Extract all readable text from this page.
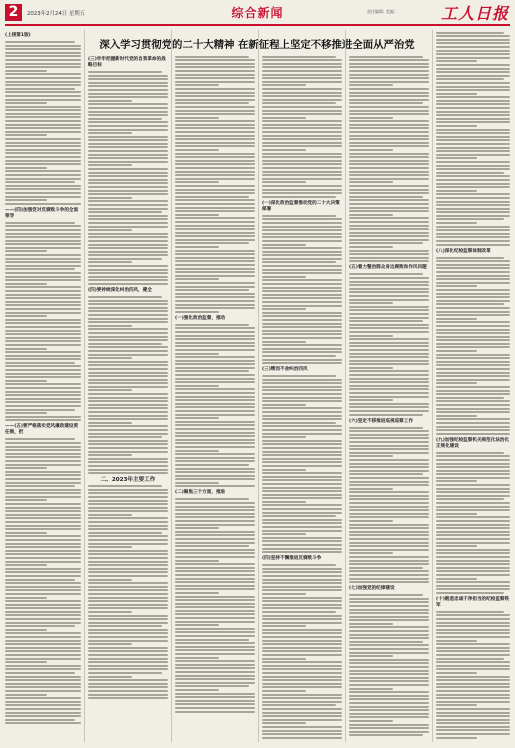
2	2023年2月24日 星期五	综合新闻	责任编辑: 美编:	工人日报
深入学习贯彻党的二十大精神 在新征程上坚定不移推进全面从严治党
(上接第1版)
——(四)加强党对反腐败斗争的全面领导
——(五)要严格落实党风廉政建设责任制，把
(三)牢牢把握新时代党的自我革命的战略目标
(四)要持续深化纠治四风，健全
二、2023年主要工作
(一)强化政治监督，推动
(二)聚焦三个方面，推进
(一)深化政治监督推动党的二十大决策部署
(三)锲而不舍纠治四风
(四)坚持不懈推进反腐败斗争
(五)着力整治群众身边腐败和作风问题
(六)坚定不移推进巡视巡察工作
(七)加强党的纪律建设
(八)深化纪检监察体制改革
(九)加强纪检监察机关规范化法治化正规化建设
(十)锻造忠诚干净担当的纪检监察铁军
